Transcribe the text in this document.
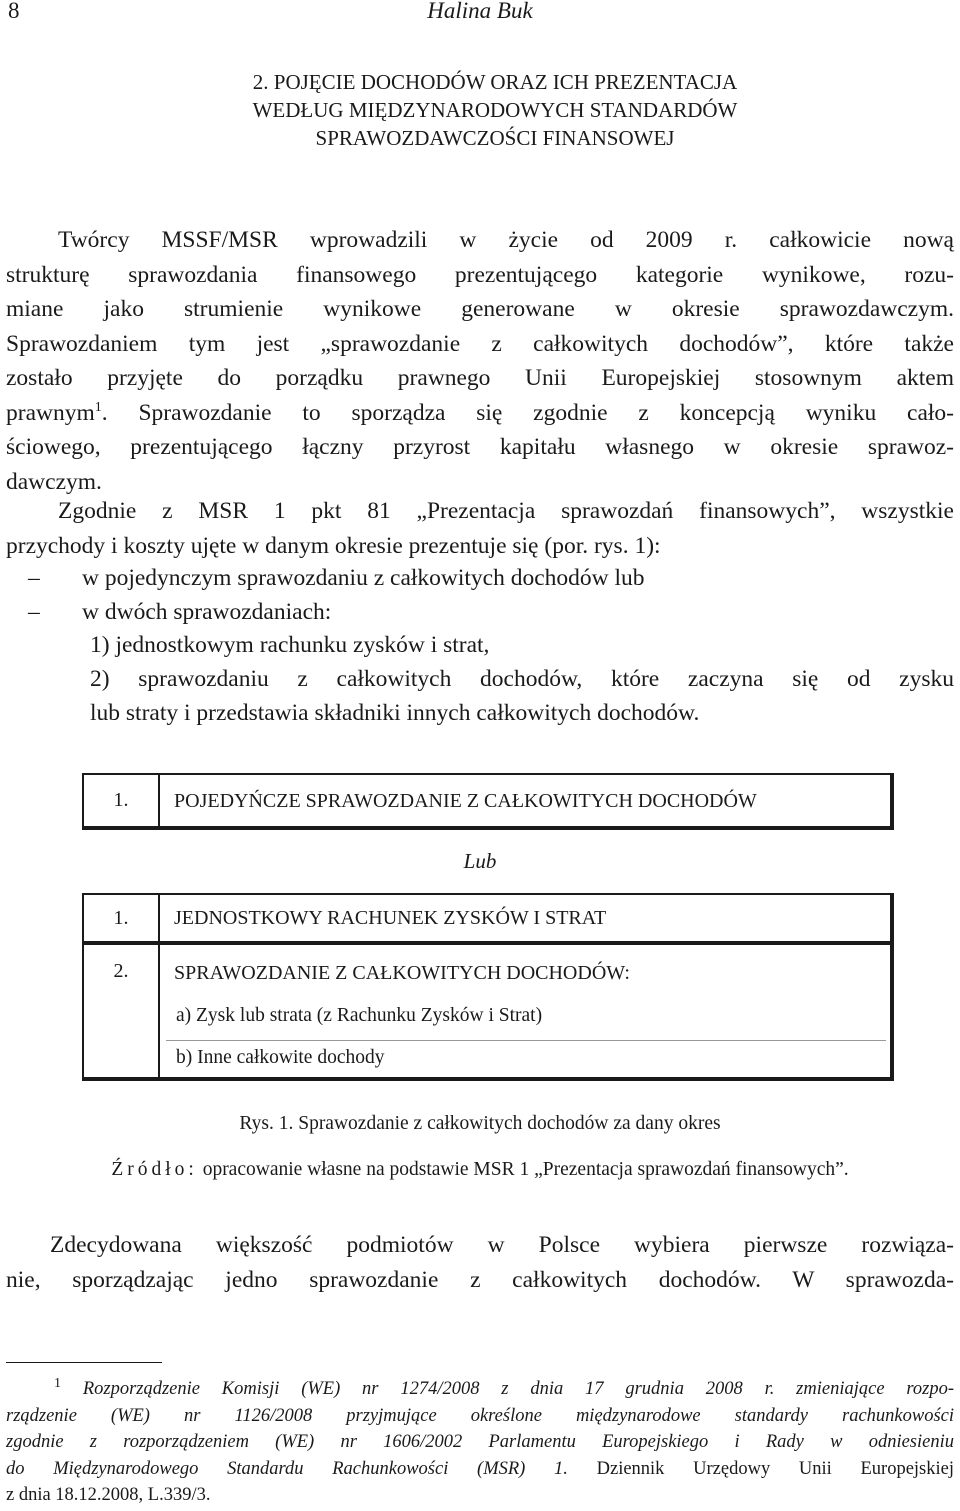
8	Halina Buk
2. POJĘCIE DOCHODÓW ORAZ ICH PREZENTACJA
WEDŁUG MIĘDZYNARODOWYCH STANDARDÓW
SPRAWOZDAWCZOŚCI FINANSOWEJ
Twórcy MSSF/MSR wprowadzili w życie od 2009 r. całkowicie nową
strukturę sprawozdania finansowego prezentującego kategorie wynikowe, rozu-
miane jako strumienie wynikowe generowane w okresie sprawozdawczym.
Sprawozdaniem tym jest „sprawozdanie z całkowitych dochodów”, które także
zostało przyjęte do porządku prawnego Unii Europejskiej stosownym aktem
prawnym$^1$. Sprawozdanie to sporządza się zgodnie z koncepcją wyniku cało-
ściowego, prezentującego łączny przyrost kapitału własnego w okresie sprawoz-
dawczym.
Zgodnie z MSR 1 pkt 81 „Prezentacja sprawozdań finansowych”, wszystkie
przychody i koszty ujęte w danym okresie prezentuje się (por. rys. 1):
– w pojedynczym sprawozdaniu z całkowitych dochodów lub
– w dwóch sprawozdaniach:
1) jednostkowym rachunku zysków i strat,
2) sprawozdaniu z całkowitych dochodów, które zaczyna się od zysku
lub straty i przedstawia składniki innych całkowitych dochodów.
1.	POJEDYŃCZE SPRAWOZDANIE Z CAŁKOWITYCH DOCHODÓW
Lub
1.	JEDNOSTKOWY RACHUNEK ZYSKÓW I STRAT
2.	SPRAWOZDANIE Z CAŁKOWITYCH DOCHODÓW:
a) Zysk lub strata (z Rachunku Zysków i Strat)
b) Inne całkowite dochody
Rys. 1. Sprawozdanie z całkowitych dochodów za dany okres
Źródło: opracowanie własne na podstawie MSR 1 „Prezentacja sprawozdań finansowych”.
Zdecydowana większość podmiotów w Polsce wybiera pierwsze rozwiąza-
nie, sporządzając jedno sprawozdanie z całkowitych dochodów. W sprawozda-
$^1$ Rozporządzenie Komisji (WE) nr 1274/2008 z dnia 17 grudnia 2008 r. zmieniające rozpo-
rządzenie (WE) nr 1126/2008 przyjmujące określone międzynarodowe standardy rachunkowości
zgodnie z rozporządzeniem (WE) nr 1606/2002 Parlamentu Europejskiego i Rady w odniesieniu
do Międzynarodowego Standardu Rachunkowości (MSR) 1. Dziennik Urzędowy Unii Europejskiej
z dnia 18.12.2008, L.339/3.
